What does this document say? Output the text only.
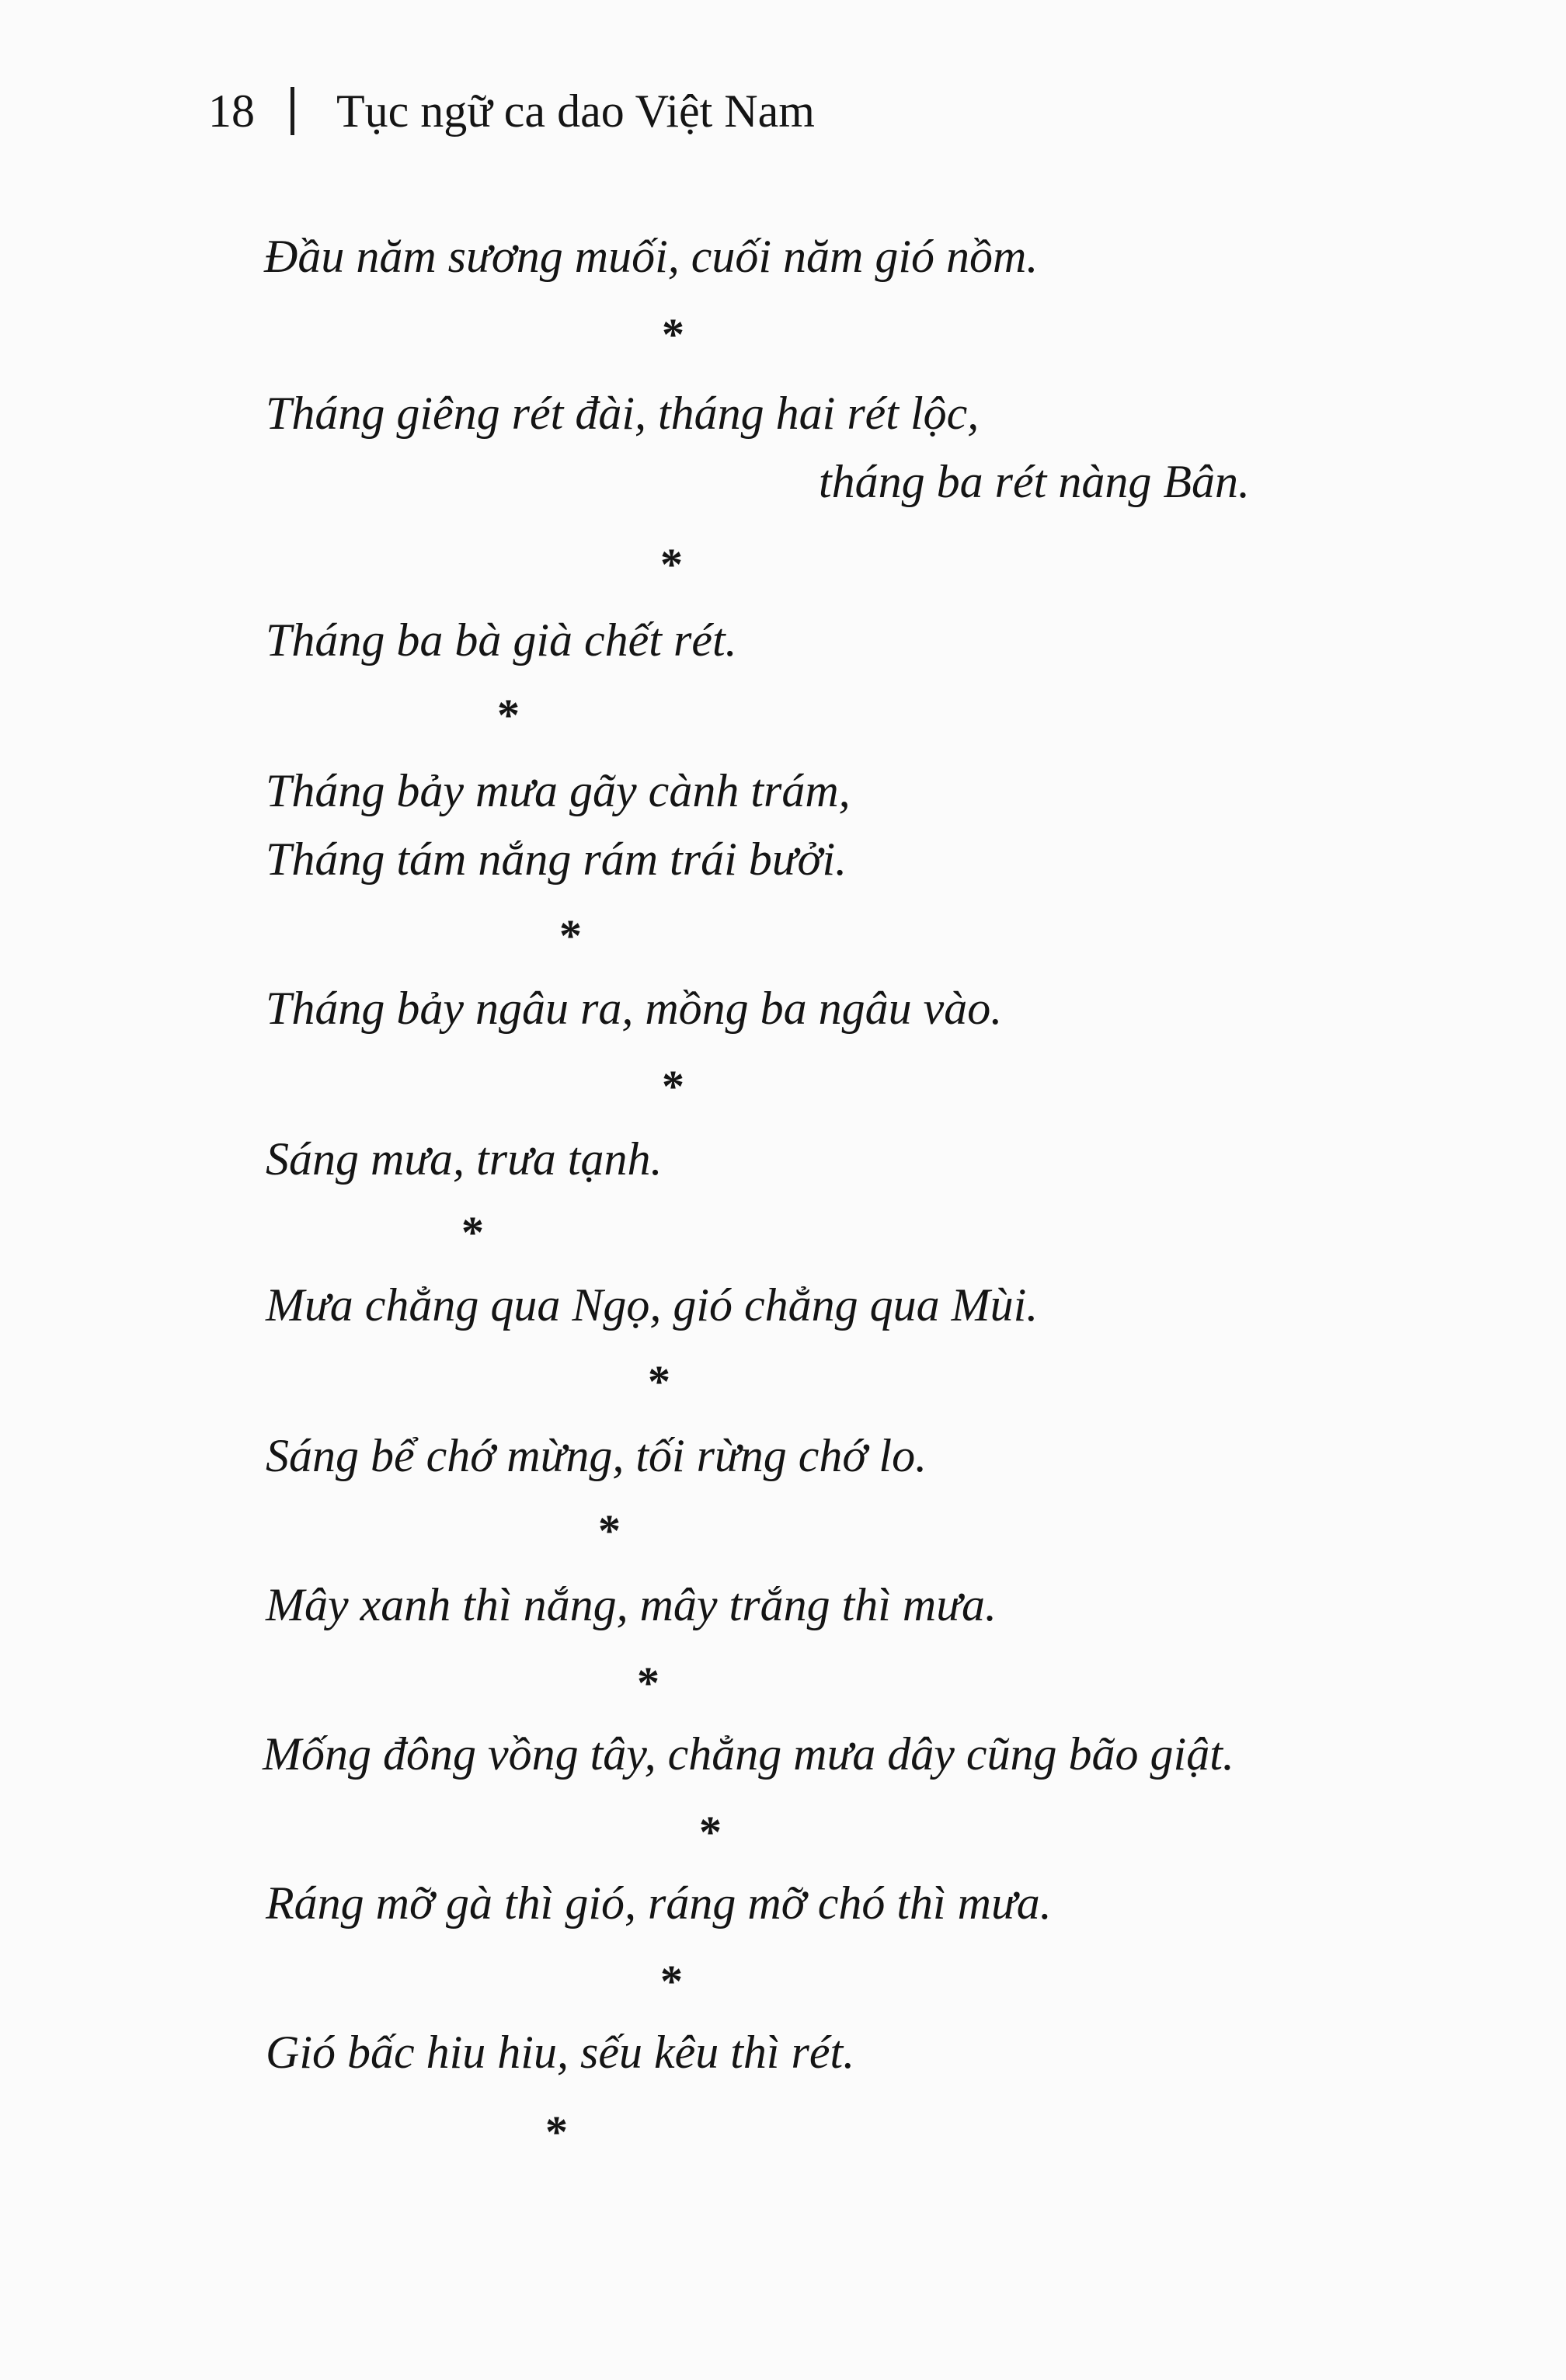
18 Tục ngữ ca dao Việt Nam
Đầu năm sương muối, cuối năm gió nồm.
*
Tháng giêng rét đài, tháng hai rét lộc,
tháng ba rét nàng Bân.
*
Tháng ba bà già chết rét.
*
Tháng bảy mưa gãy cành trám,
Tháng tám nắng rám trái bưởi.
*
Tháng bảy ngâu ra, mồng ba ngâu vào.
*
Sáng mưa, trưa tạnh.
*
Mưa chẳng qua Ngọ, gió chẳng qua Mùi.
*
Sáng bể chớ mừng, tối rừng chớ lo.
*
Mây xanh thì nắng, mây trắng thì mưa.
*
Mống đông vồng tây, chẳng mưa dây cũng bão giật.
*
Ráng mỡ gà thì gió, ráng mỡ chó thì mưa.
*
Gió bấc hiu hiu, sếu kêu thì rét.
*
